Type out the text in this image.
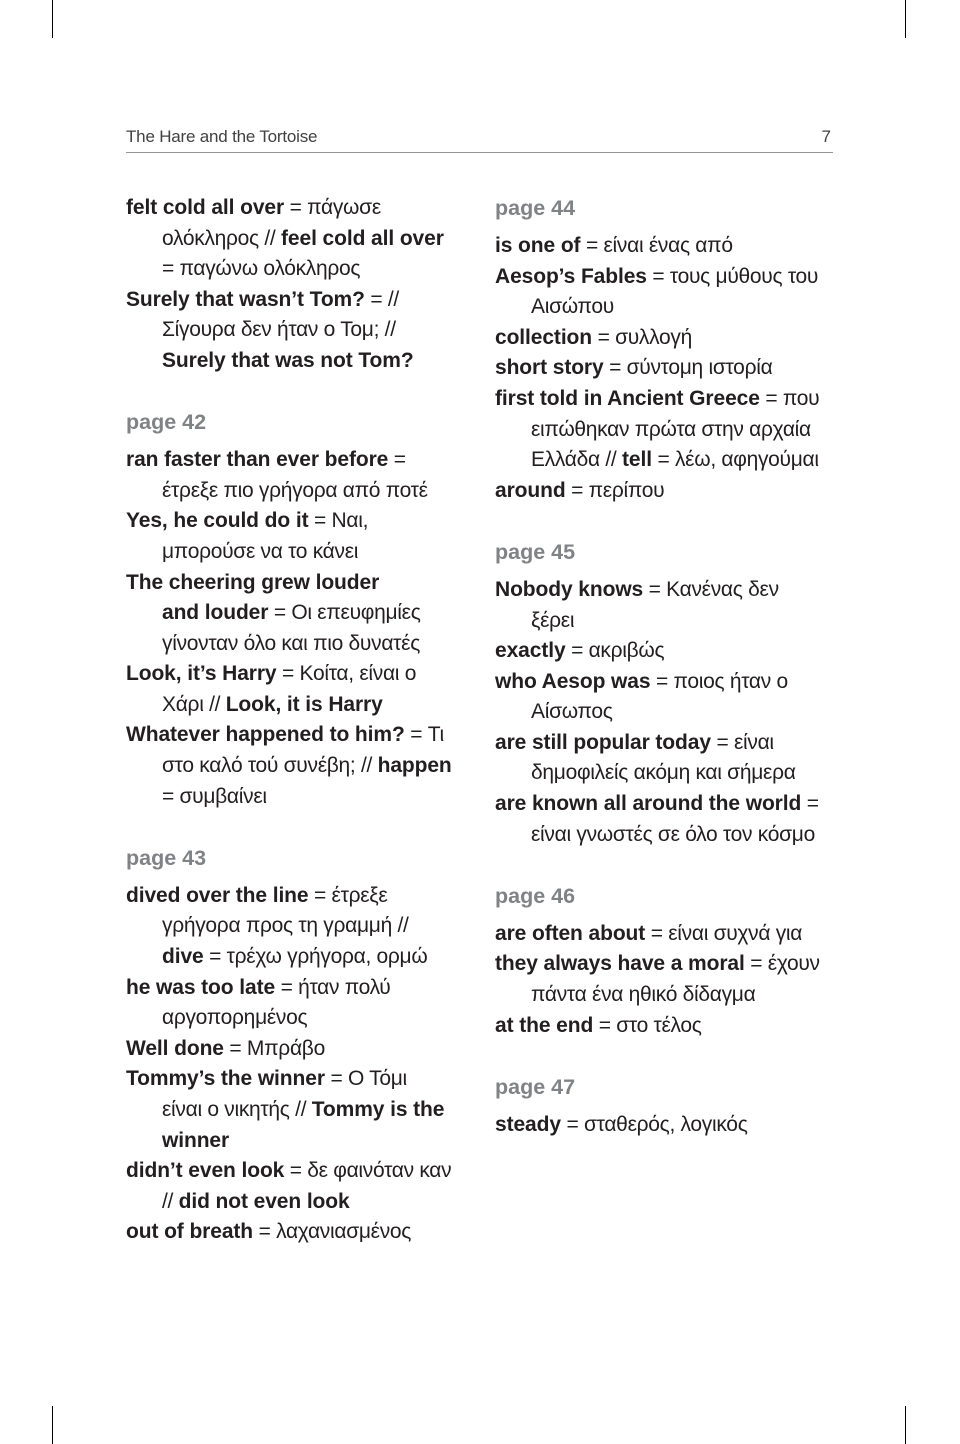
The Hare and the Tortoise	7
felt cold all over = πάγωσε
ολόκληρος // feel cold all over
= παγώνω ολόκληρος
Surely that wasn’t Tom? = //
Σίγουρα δεν ήταν ο Τομ; //
Surely that was not Tom?
page 42
ran faster than ever before =
έτρεξε πιο γρήγορα από ποτέ
Yes, he could do it = Ναι,
μπορούσε να το κάνει
The cheering grew louder
and louder = Οι επευφημίες
γίνονταν όλο και πιο δυνατές
Look, it’s Harry = Κοίτα, είναι ο
Χάρι // Look, it is Harry
Whatever happened to him? = Τι
στο καλό τού συνέβη; // happen
= συμβαίνει
page 43
dived over the line = έτρεξε
γρήγορα προς τη γραμμή //
dive = τρέχω γρήγορα, ορμώ
he was too late = ήταν πολύ
αργοπορημένος
Well done = Μπράβο
Tommy’s the winner = Ο Τόμι
είναι ο νικητής // Tommy is the
winner
didn’t even look = δε φαινόταν καν
// did not even look
out of breath = λαχανιασμένος
page 44
is one of = είναι ένας από
Aesop’s Fables = τους μύθους του
Αισώπου
collection = συλλογή
short story = σύντομη ιστορία
first told in Ancient Greece = που
ειπώθηκαν πρώτα στην αρχαία
Ελλάδα // tell = λέω, αφηγούμαι
around = περίπου
page 45
Nobody knows = Κανένας δεν
ξέρει
exactly = ακριβώς
who Aesop was = ποιος ήταν ο
Αίσωπος
are still popular today = είναι
δημοφιλείς ακόμη και σήμερα
are known all around the world =
είναι γνωστές σε όλο τον κόσμο
page 46
are often about = είναι συχνά για
they always have a moral = έχουν
πάντα ένα ηθικό δίδαγμα
at the end = στο τέλος
page 47
steady = σταθερός, λογικός
